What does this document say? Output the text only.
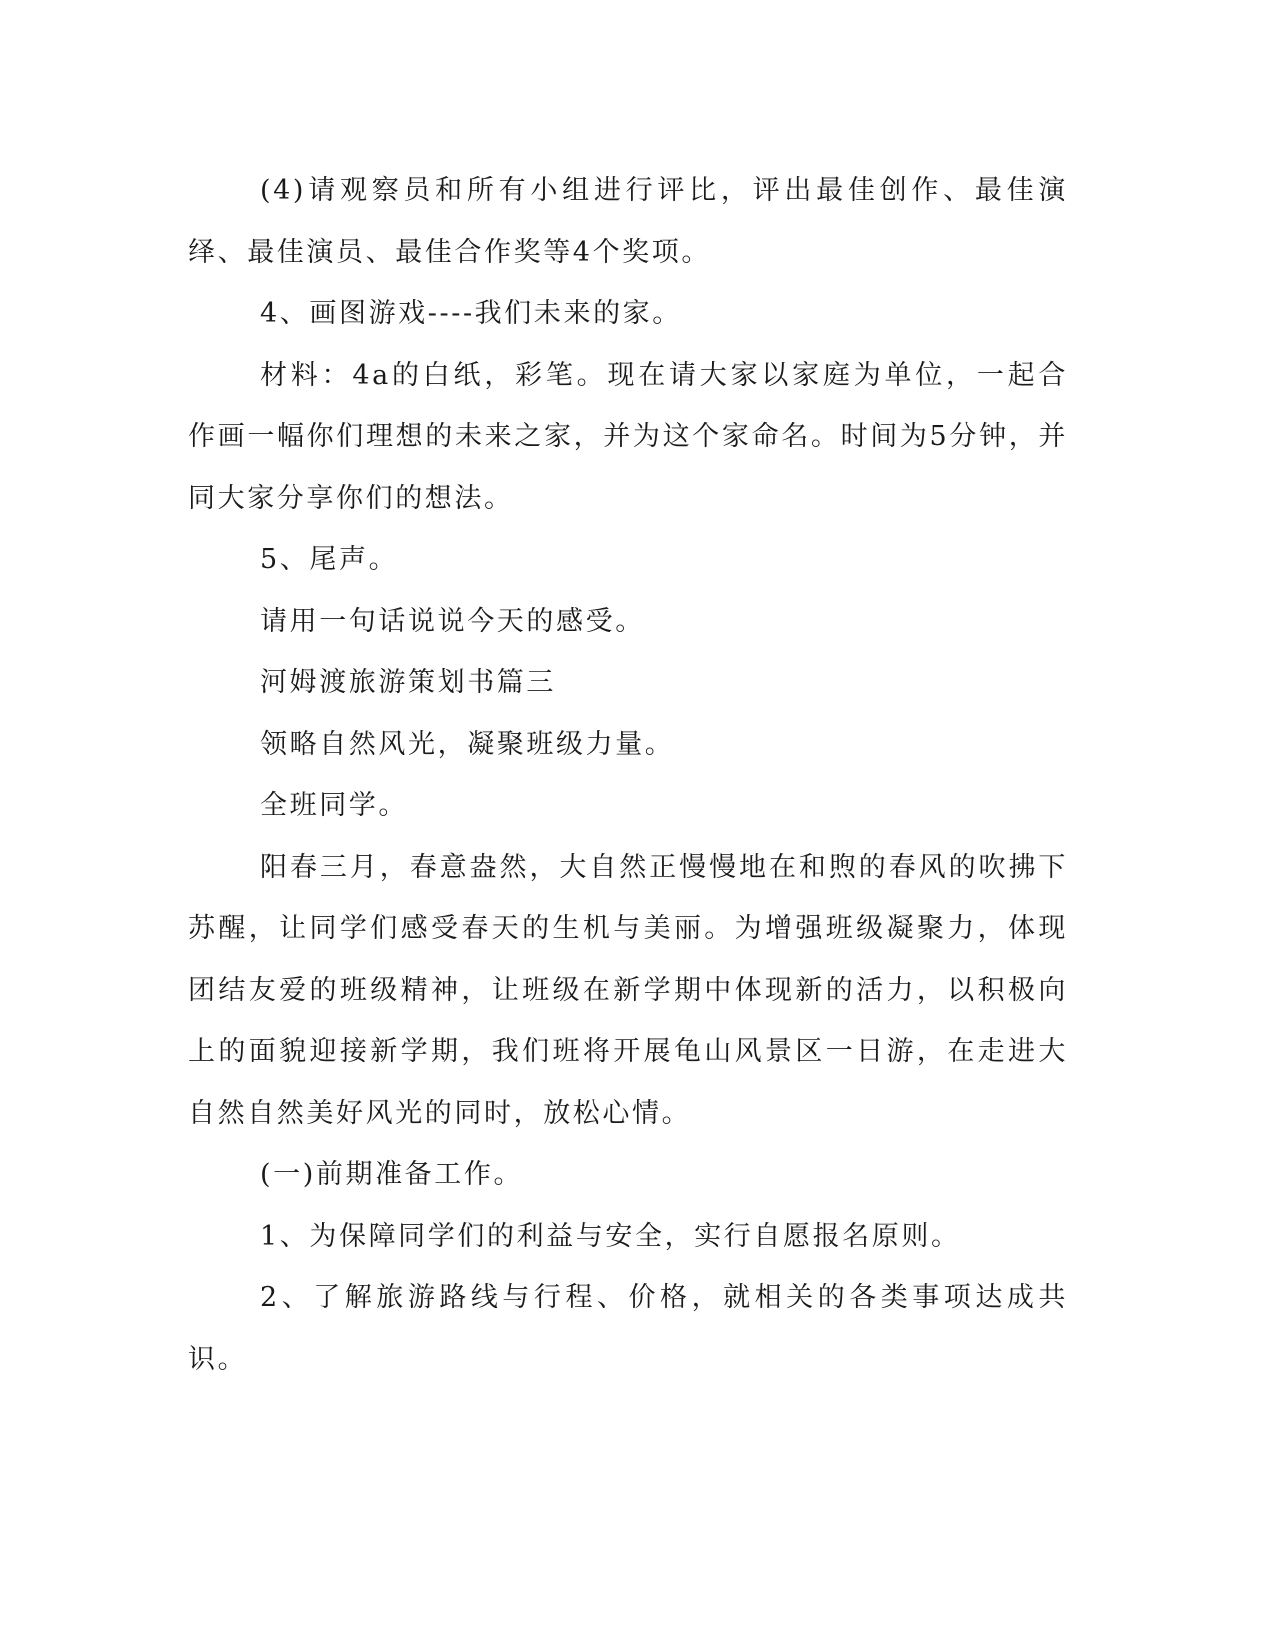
(4)请观察员和所有小组进行评比，评出最佳创作、最佳演绎、最佳演员、最佳合作奖等4个奖项。

4、画图游戏----我们未来的家。

材料：4a的白纸，彩笔。现在请大家以家庭为单位，一起合作画一幅你们理想的未来之家，并为这个家命名。时间为5分钟，并同大家分享你们的想法。

5、尾声。

请用一句话说说今天的感受。

河姆渡旅游策划书篇三

领略自然风光，凝聚班级力量。

全班同学。

阳春三月，春意盎然，大自然正慢慢地在和煦的春风的吹拂下苏醒，让同学们感受春天的生机与美丽。为增强班级凝聚力，体现团结友爱的班级精神，让班级在新学期中体现新的活力，以积极向上的面貌迎接新学期，我们班将开展龟山风景区一日游，在走进大自然自然美好风光的同时，放松心情。

(一)前期准备工作。

1、为保障同学们的利益与安全，实行自愿报名原则。

2、了解旅游路线与行程、价格，就相关的各类事项达成共识。
